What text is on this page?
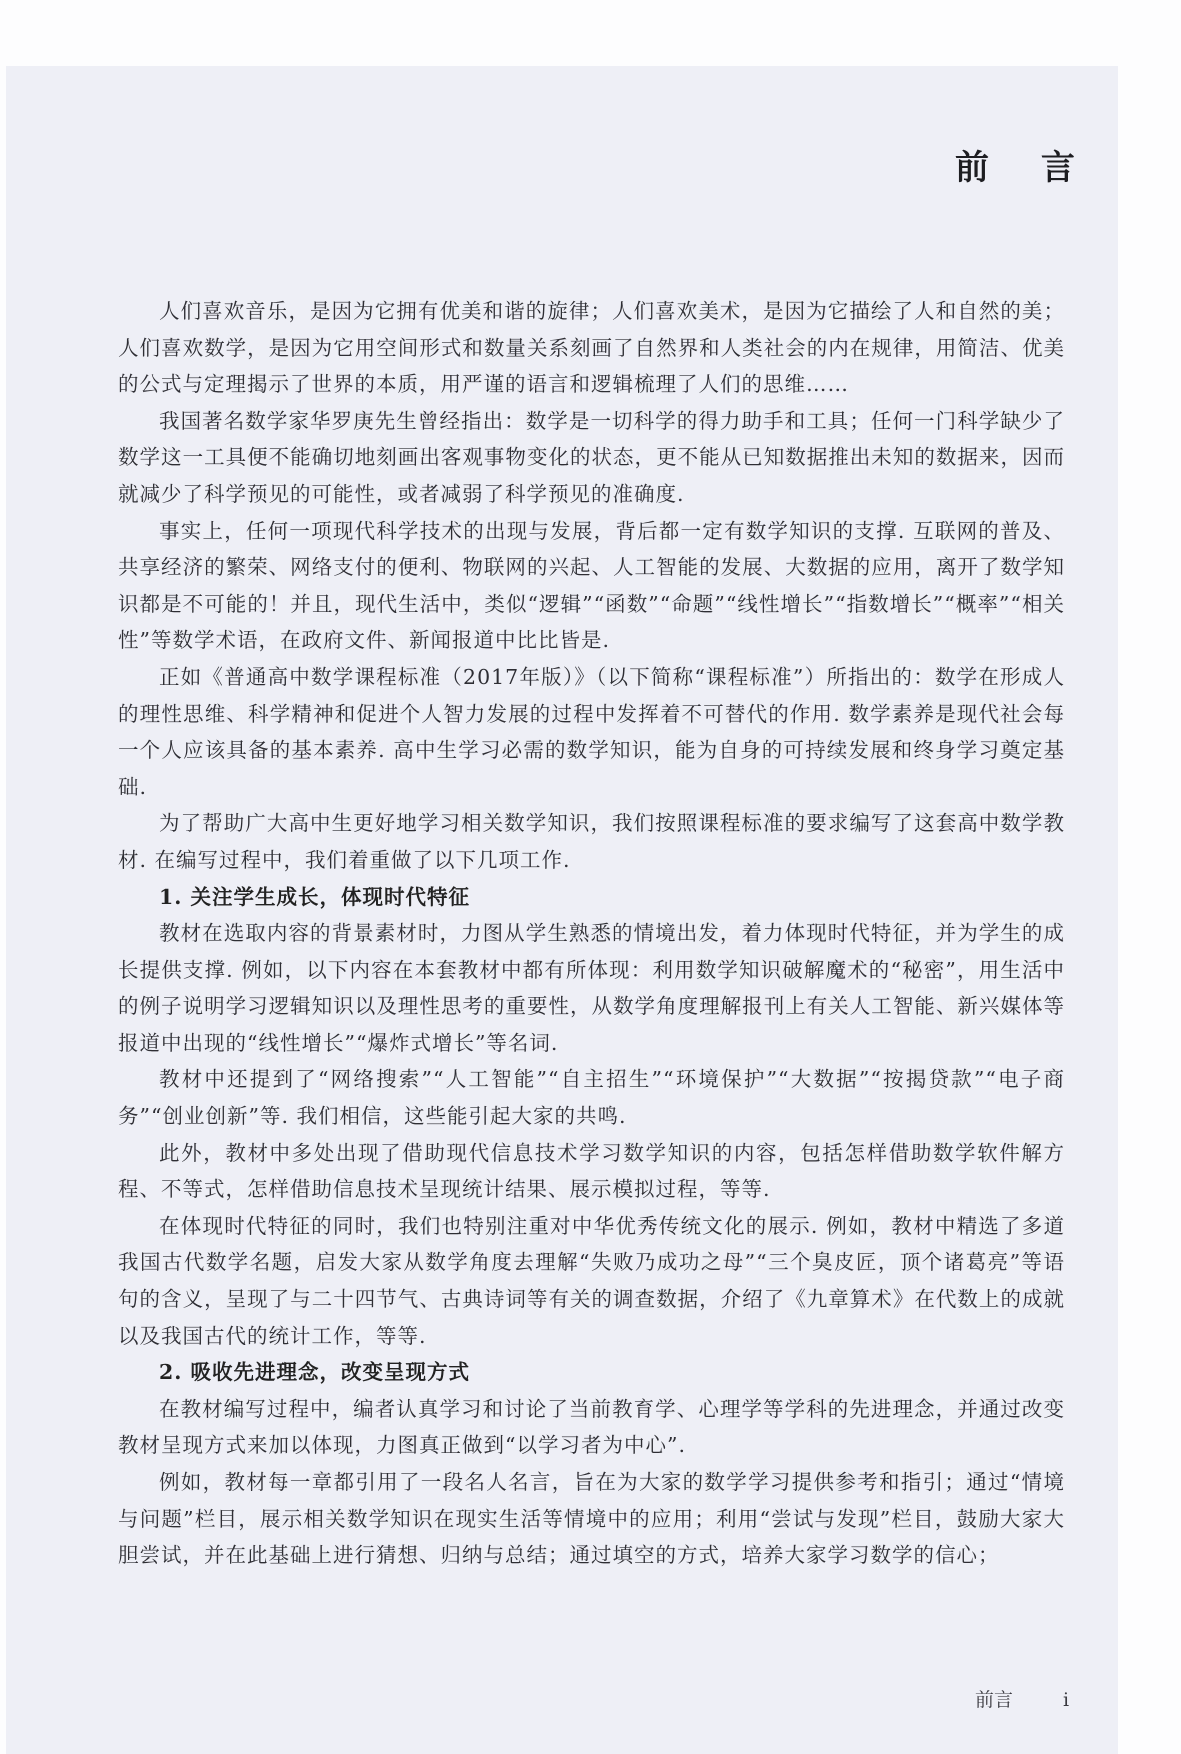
前 言

人们喜欢音乐，是因为它拥有优美和谐的旋律；人们喜欢美术，是因为它描绘了人和自然的美；人们喜欢数学，是因为它用空间形式和数量关系刻画了自然界和人类社会的内在规律，用简洁、优美的公式与定理揭示了世界的本质，用严谨的语言和逻辑梳理了人们的思维……

我国著名数学家华罗庚先生曾经指出：数学是一切科学的得力助手和工具；任何一门科学缺少了数学这一工具便不能确切地刻画出客观事物变化的状态，更不能从已知数据推出未知的数据来，因而就减少了科学预见的可能性，或者减弱了科学预见的准确度.

事实上，任何一项现代科学技术的出现与发展，背后都一定有数学知识的支撑. 互联网的普及、共享经济的繁荣、网络支付的便利、物联网的兴起、人工智能的发展、大数据的应用，离开了数学知识都是不可能的！并且，现代生活中，类似“逻辑”“函数”“命题”“线性增长”“指数增长”“概率”“相关性”等数学术语，在政府文件、新闻报道中比比皆是.

正如《普通高中数学课程标准（2017年版）》（以下简称“课程标准”）所指出的：数学在形成人的理性思维、科学精神和促进个人智力发展的过程中发挥着不可替代的作用. 数学素养是现代社会每一个人应该具备的基本素养. 高中生学习必需的数学知识，能为自身的可持续发展和终身学习奠定基础.

为了帮助广大高中生更好地学习相关数学知识，我们按照课程标准的要求编写了这套高中数学教材. 在编写过程中，我们着重做了以下几项工作.

1. 关注学生成长，体现时代特征

教材在选取内容的背景素材时，力图从学生熟悉的情境出发，着力体现时代特征，并为学生的成长提供支撑. 例如，以下内容在本套教材中都有所体现：利用数学知识破解魔术的“秘密”，用生活中的例子说明学习逻辑知识以及理性思考的重要性，从数学角度理解报刊上有关人工智能、新兴媒体等报道中出现的“线性增长”“爆炸式增长”等名词.

教材中还提到了“网络搜索”“人工智能”“自主招生”“环境保护”“大数据”“按揭贷款”“电子商务”“创业创新”等. 我们相信，这些能引起大家的共鸣.

此外，教材中多处出现了借助现代信息技术学习数学知识的内容，包括怎样借助数学软件解方程、不等式，怎样借助信息技术呈现统计结果、展示模拟过程，等等.

在体现时代特征的同时，我们也特别注重对中华优秀传统文化的展示. 例如，教材中精选了多道我国古代数学名题，启发大家从数学角度去理解“失败乃成功之母”“三个臭皮匠，顶个诸葛亮”等语句的含义，呈现了与二十四节气、古典诗词等有关的调查数据，介绍了《九章算术》在代数上的成就以及我国古代的统计工作，等等.

2. 吸收先进理念，改变呈现方式

在教材编写过程中，编者认真学习和讨论了当前教育学、心理学等学科的先进理念，并通过改变教材呈现方式来加以体现，力图真正做到“以学习者为中心”.

例如，教材每一章都引用了一段名人名言，旨在为大家的数学学习提供参考和指引；通过“情境与问题”栏目，展示相关数学知识在现实生活等情境中的应用；利用“尝试与发现”栏目，鼓励大家大胆尝试，并在此基础上进行猜想、归纳与总结；通过填空的方式，培养大家学习数学的信心；

前言	i
